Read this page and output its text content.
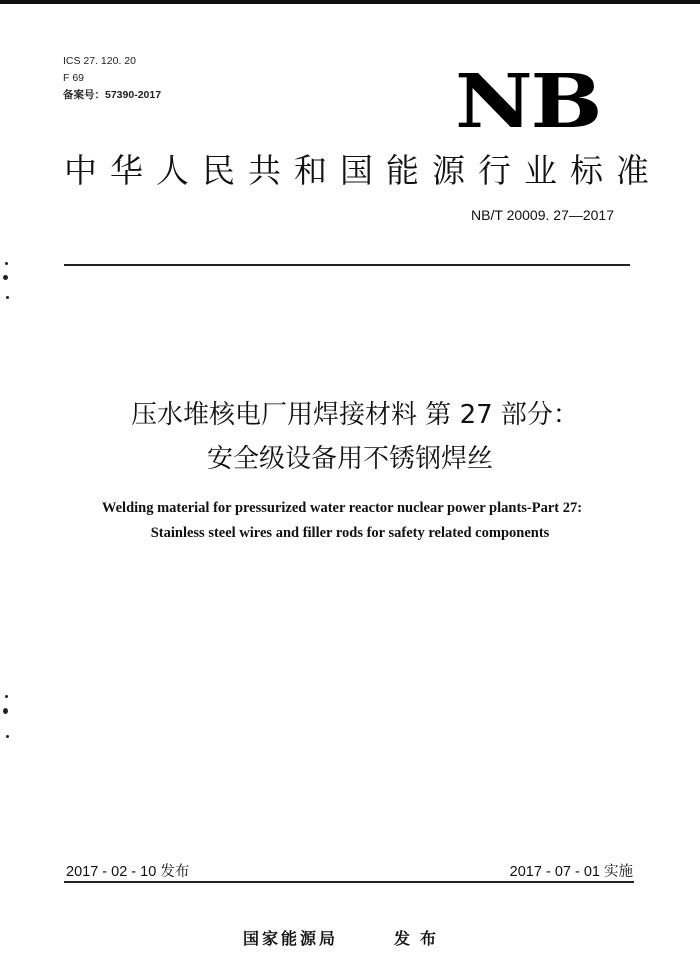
ICS 27. 120. 20
F 69
备案号：57390-2017	NB
中华人民共和国能源行业标准
NB/T 20009. 27—2017
压水堆核电厂用焊接材料 第 27 部分：
安全级设备用不锈钢焊丝
Welding material for pressurized water reactor nuclear power plants-Part 27:
Stainless steel wires and filler rods for safety related components
2017 - 02 - 10 发布	2017 - 07 - 01 实施
国家能源局	发布
